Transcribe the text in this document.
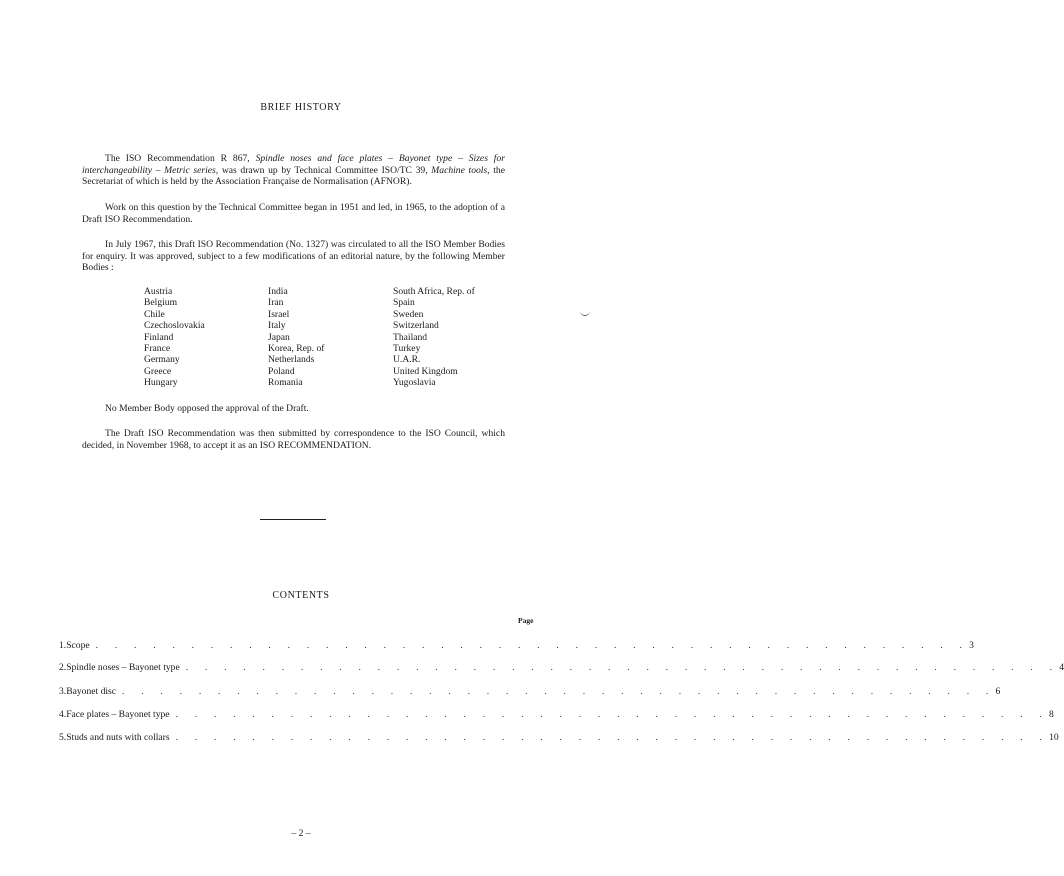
BRIEF HISTORY

The ISO Recommendation R 867, Spindle noses and face plates – Bayonet type – Sizes for interchangeability – Metric series, was drawn up by Technical Committee ISO/TC 39, Machine tools, the Secretariat of which is held by the Association Française de Normalisation (AFNOR).

Work on this question by the Technical Committee began in 1951 and led, in 1965, to the adoption of a Draft ISO Recommendation.

In July 1967, this Draft ISO Recommendation (No. 1327) was circulated to all the ISO Member Bodies for enquiry. It was approved, subject to a few modifications of an editorial nature, by the following Member Bodies :

Austria
Belgium
Chile
Czechoslovakia
Finland
France
Germany
Greece
Hungary
India
Iran
Israel
Italy
Japan
Korea, Rep. of
Netherlands
Poland
Romania
South Africa, Rep. of
Spain
Sweden
Switzerland
Thailand
Turkey
U.A.R.
United Kingdom
Yugoslavia

No Member Body opposed the approval of the Draft.

The Draft ISO Recommendation was then submitted by correspondence to the ISO Council, which decided, in November 1968, to accept it as an ISO RECOMMENDATION.

CONTENTS
Page
1. Scope . . . . . . . . . . . . . . . . . . . . . . . . . . . . . . . . . . . . . . . . . . . . . . 3
2. Spindle noses – Bayonet type . . . . . . . . . . . . . . . . . . . . . . . . . . . . . . . . . . . . . . . . . . . . . . 4
3. Bayonet disc . . . . . . . . . . . . . . . . . . . . . . . . . . . . . . . . . . . . . . . . . . . . . . 6
4. Face plates – Bayonet type . . . . . . . . . . . . . . . . . . . . . . . . . . . . . . . . . . . . . . . . . . . . . . 8
5. Studs and nuts with collars . . . . . . . . . . . . . . . . . . . . . . . . . . . . . . . . . . . . . . . . . . . . . . 10
– 2 –
